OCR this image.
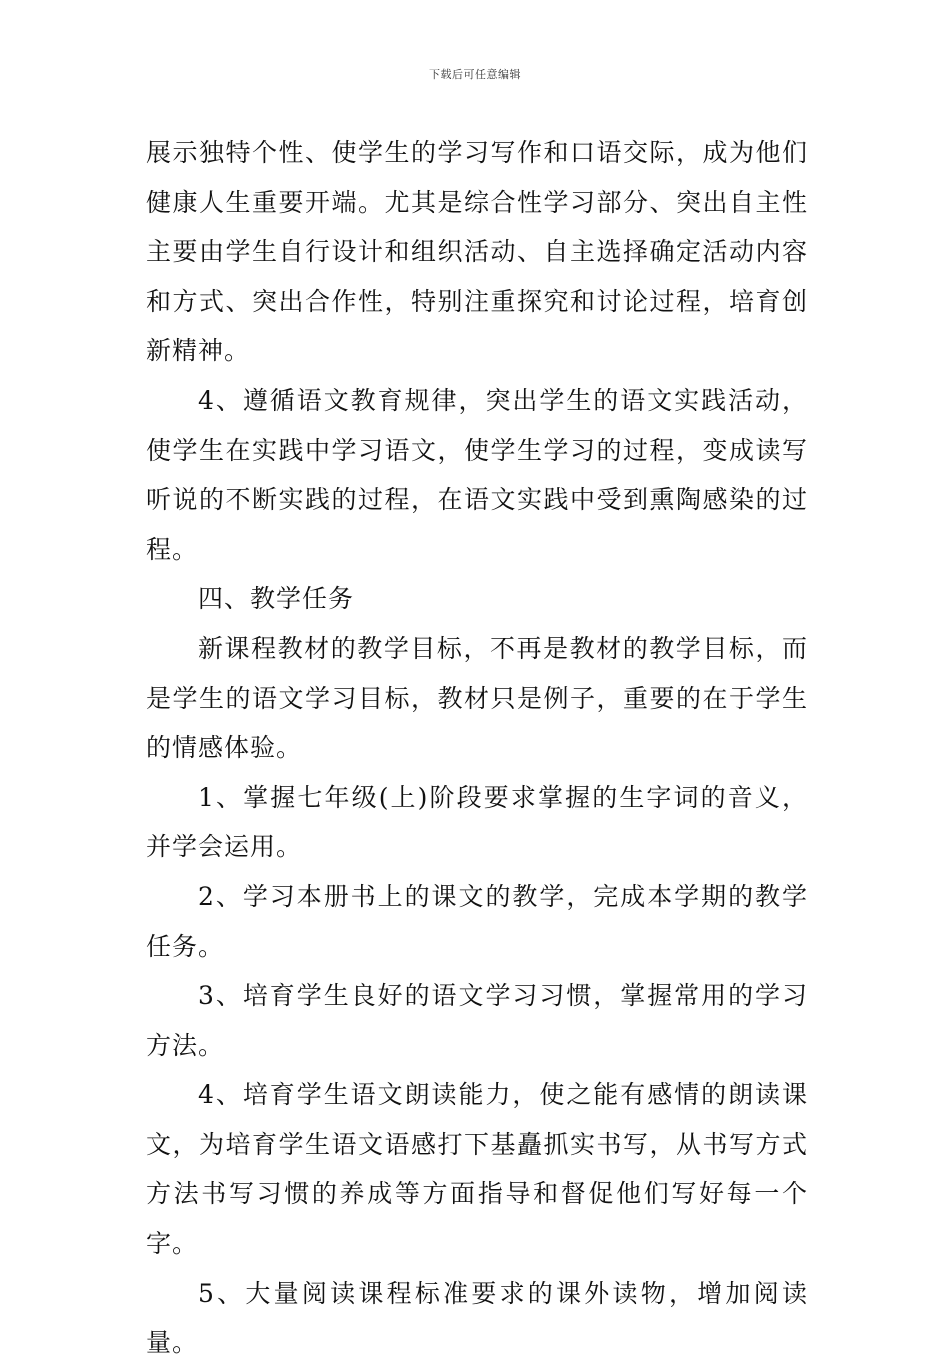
下载后可任意编辑

展示独特个性、使学生的学习写作和口语交际，成为他们健康人生重要开端。尤其是综合性学习部分、突出自主性主要由学生自行设计和组织活动、自主选择确定活动内容和方式、突出合作性，特别注重探究和讨论过程，培育创新精神。

4、遵循语文教育规律，突出学生的语文实践活动，使学生在实践中学习语文，使学生学习的过程，变成读写听说的不断实践的过程，在语文实践中受到熏陶感染的过程。

四、教学任务

新课程教材的教学目标，不再是教材的教学目标，而是学生的语文学习目标，教材只是例子，重要的在于学生的情感体验。

1、掌握七年级(上)阶段要求掌握的生字词的音义，并学会运用。

2、学习本册书上的课文的教学，完成本学期的教学任务。

3、培育学生良好的语文学习习惯，掌握常用的学习方法。

4、培育学生语文朗读能力，使之能有感情的朗读课文，为培育学生语文语感打下基矗抓实书写，从书写方式方法书写习惯的养成等方面指导和督促他们写好每一个字。

5、大量阅读课程标准要求的课外读物，增加阅读量。
